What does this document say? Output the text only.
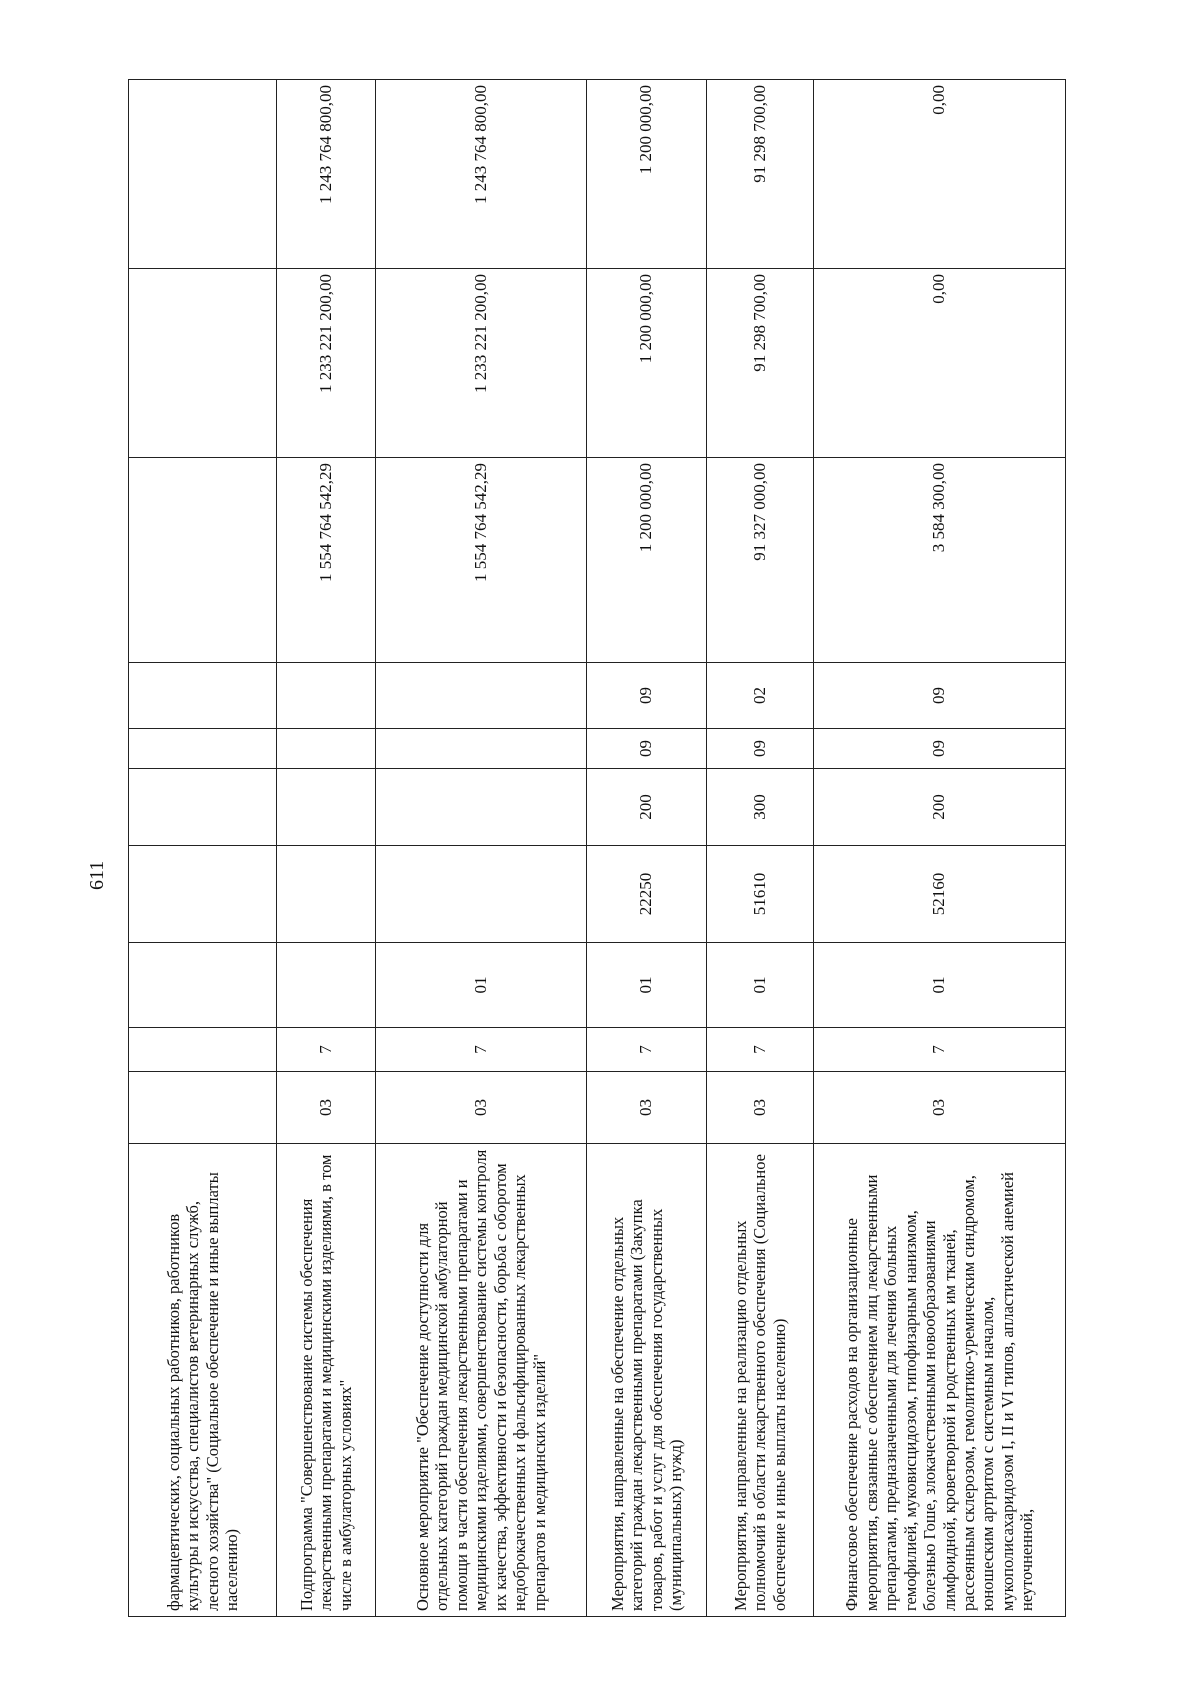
611
фармацевтических, социальных работников, работников культуры и искусства, специалистов ветеринарных служб, лесного хозяйства" (Социальное обеспечение и иные выплаты населению)										
Подпрограмма "Совершенствование системы обеспечения лекарственными препаратами и медицинскими изделиями, в том числе в амбулаторных условиях"	03	7						1 554 764 542,29	1 233 221 200,00	1 243 764 800,00
Основное мероприятие "Обеспечение доступности для отдельных категорий граждан медицинской амбулаторной помощи в части обеспечения лекарственными препаратами и медицинскими изделиями, совершенствование системы контроля их качества, эффективности и безопасности, борьба с оборотом недоброкачественных и фальсифицированных лекарственных препаратов и медицинских изделий"	03	7	01					1 554 764 542,29	1 233 221 200,00	1 243 764 800,00
Мероприятия, направленные на обеспечение отдельных категорий граждан лекарственными препаратами (Закупка товаров, работ и услуг для обеспечения государственных (муниципальных) нужд)	03	7	01	22250	200	09	09	1 200 000,00	1 200 000,00	1 200 000,00
Мероприятия, направленные на реализацию отдельных полномочий в области лекарственного обеспечения (Социальное обеспечение и иные выплаты населению)	03	7	01	51610	300	09	02	91 327 000,00	91 298 700,00	91 298 700,00
Финансовое обеспечение расходов на организационные мероприятия, связанные с обеспечением лиц лекарственными препаратами, предназначенными для лечения больных гемофилией, муковисцидозом, гипофизарным нанизмом, болезнью Гоше, злокачественными новообразованиями лимфоидной, кроветворной и родственных им тканей, рассеянным склерозом, гемолитико-уремическим синдромом, юношеским артритом с системным началом, мукополисахаридозом I, II и VI типов, апластической анемией неуточненной,	03	7	01	52160	200	09	09	3 584 300,00	0,00	0,00
